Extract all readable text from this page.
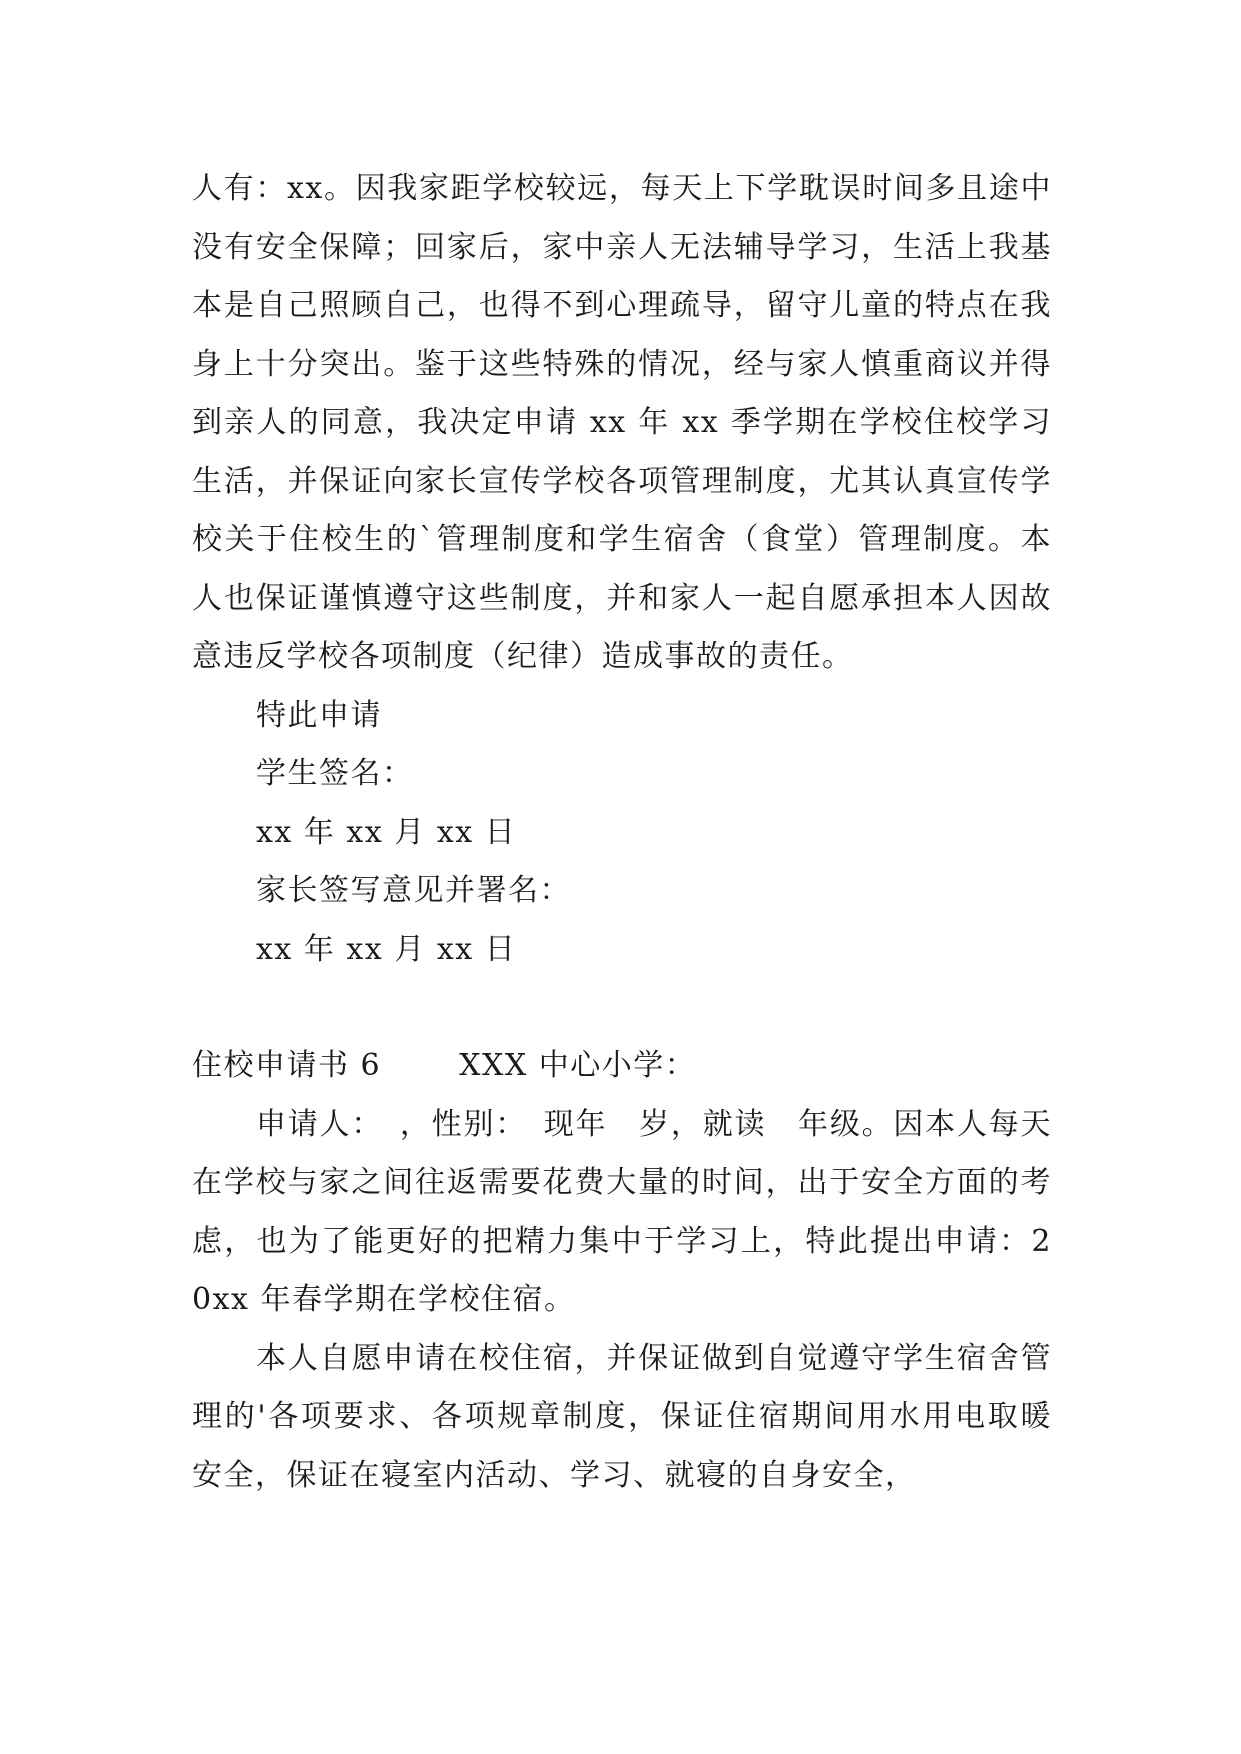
人有：xx。因我家距学校较远，每天上下学耽误时间多且途中没有安全保障；回家后，家中亲人无法辅导学习，生活上我基本是自己照顾自己，也得不到心理疏导，留守儿童的特点在我身上十分突出。鉴于这些特殊的情况，经与家人慎重商议并得到亲人的同意，我决定申请 xx 年 xx 季学期在学校住校学习生活，并保证向家长宣传学校各项管理制度，尤其认真宣传学校关于住校生的`管理制度和学生宿舍（食堂）管理制度。本人也保证谨慎遵守这些制度，并和家人一起自愿承担本人因故意违反学校各项制度（纪律）造成事故的责任。

特此申请

学生签名：

xx 年 xx 月 xx 日

家长签写意见并署名：

xx 年 xx 月 xx 日

住校申请书 6	XXX 中心小学：

申请人：　，性别：　现年　岁，就读　年级。因本人每天在学校与家之间往返需要花费大量的时间，出于安全方面的考虑，也为了能更好的把精力集中于学习上，特此提出申请：20xx 年春学期在学校住宿。

本人自愿申请在校住宿，并保证做到自觉遵守学生宿舍管理的'各项要求、各项规章制度，保证住宿期间用水用电取暖安全，保证在寝室内活动、学习、就寝的自身安全，
